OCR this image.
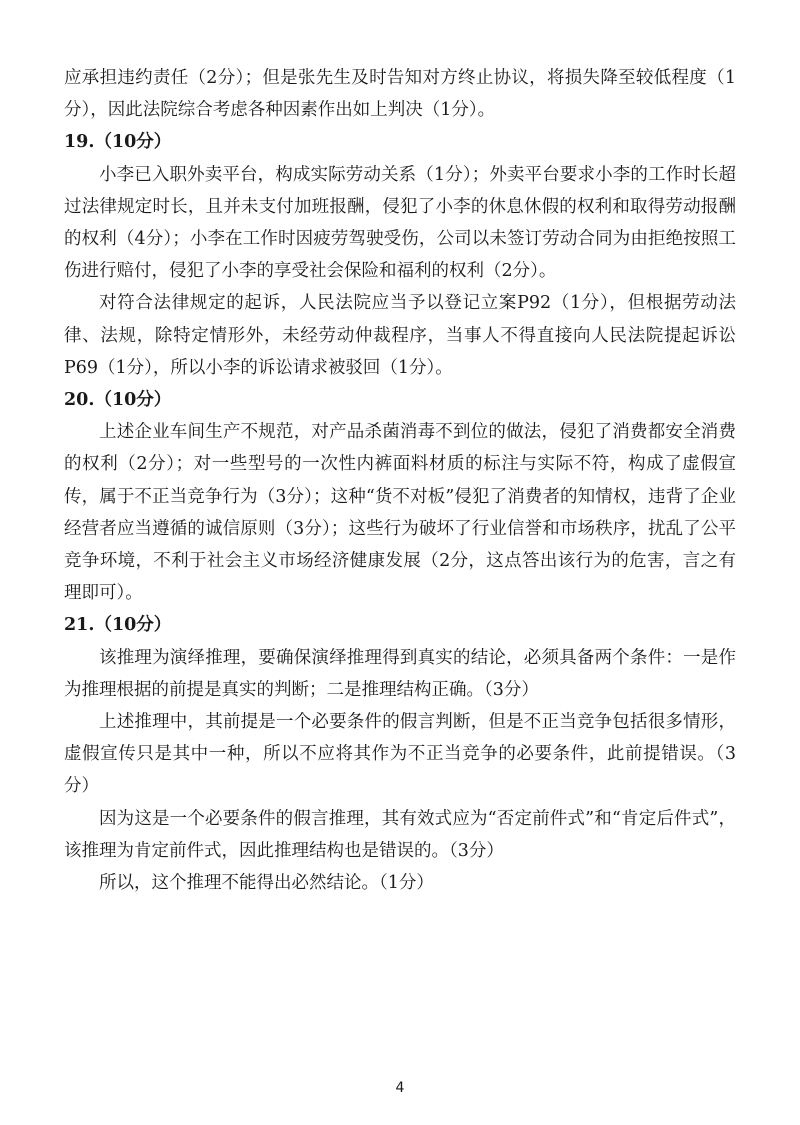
应承担违约责任（2分）；但是张先生及时告知对方终止协议，将损失降至较低程度（1分），因此法院综合考虑各种因素作出如上判决（1分）。

19.（10分）

小李已入职外卖平台，构成实际劳动关系（1分）；外卖平台要求小李的工作时长超过法律规定时长，且并未支付加班报酬，侵犯了小李的休息休假的权利和取得劳动报酬的权利（4分）；小李在工作时因疲劳驾驶受伤，公司以未签订劳动合同为由拒绝按照工伤进行赔付，侵犯了小李的享受社会保险和福利的权利（2分）。

对符合法律规定的起诉，人民法院应当予以登记立案P92（1分），但根据劳动法律、法规，除特定情形外，未经劳动仲裁程序，当事人不得直接向人民法院提起诉讼P69（1分），所以小李的诉讼请求被驳回（1分）。

20.（10分）

上述企业车间生产不规范，对产品杀菌消毒不到位的做法，侵犯了消费都安全消费的权利（2分）；对一些型号的一次性内裤面料材质的标注与实际不符，构成了虚假宣传，属于不正当竞争行为（3分）；这种“货不对板”侵犯了消费者的知情权，违背了企业经营者应当遵循的诚信原则（3分）；这些行为破坏了行业信誉和市场秩序，扰乱了公平竞争环境，不利于社会主义市场经济健康发展（2分，这点答出该行为的危害，言之有理即可）。

21.（10分）

该推理为演绎推理，要确保演绎推理得到真实的结论，必须具备两个条件：一是作为推理根据的前提是真实的判断；二是推理结构正确。（3分）

上述推理中，其前提是一个必要条件的假言判断，但是不正当竞争包括很多情形，虚假宣传只是其中一种，所以不应将其作为不正当竞争的必要条件，此前提错误。（3分）

因为这是一个必要条件的假言推理，其有效式应为“否定前件式”和“肯定后件式”，该推理为肯定前件式，因此推理结构也是错误的。（3分）

所以，这个推理不能得出必然结论。（1分）

4
